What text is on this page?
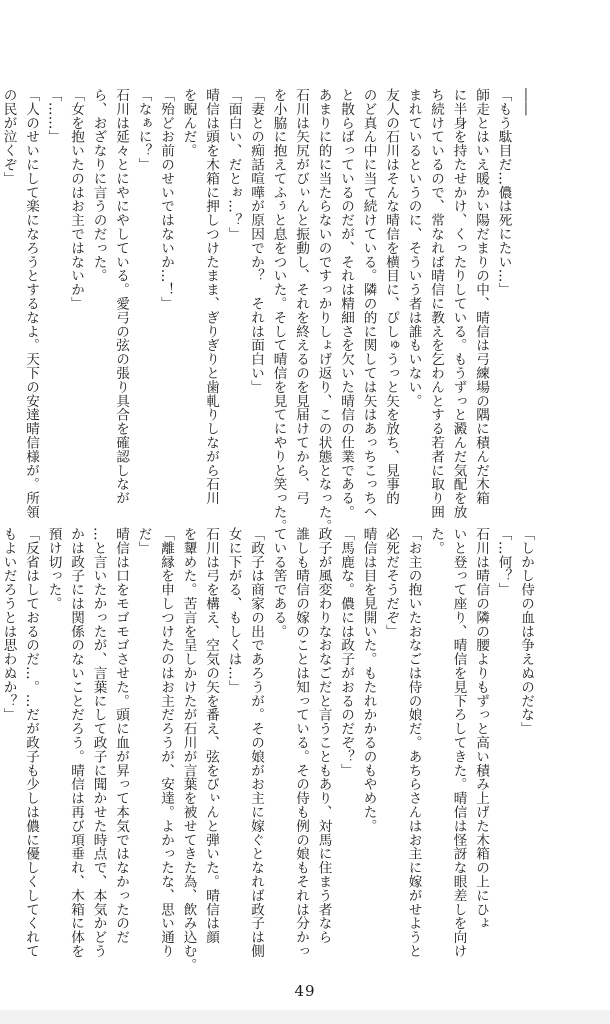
――

「もう駄目だ…儂は死にたい…」

師走とはいえ暖かい陽だまりの中、晴信は弓練場の隅に積んだ木箱

に半身を持たせかけ、くったりしている。もうずっと澱んだ気配を放

ち続けているので、常なれば晴信に教えを乞わんとする若者に取り囲

まれているというのに、そういう者は誰もいない。

友人の石川はそんな晴信を横目に、ぴしゅうっと矢を放ち、見事的

のど真ん中に当て続けている。隣の的に関しては矢はあっちこっちへ

と散らばっているのだが、それは精細さを欠いた晴信の仕業である。

あまりに的に当たらないのですっかりしょげ返り、この状態となった。

石川は矢尻がびぃんと振動し、それを終えるのを見届けてから、弓

を小脇に抱えてふぅと息をついた。そして晴信を見てにやりと笑った。

「妻との痴話喧嘩が原因でか？　それは面白い」

「面白い、だとぉ…？」

晴信は頭を木箱に押しつけたまま、ぎりぎりと歯軋りしながら石川

を睨んだ。

「殆どお前のせいではないか…！」

「なぁに？」

石川は延々とにやにやしている。愛弓の弦の張り具合を確認しなが

ら、おざなりに言うのだった。

「女を抱いたのはお主ではないか」

「……」

「人のせいにして楽になろうとするなよ。天下の安達晴信様が。所領

の民が泣くぞ」

「しかし侍の血は争えぬのだな」

「…何？」

石川は晴信の隣の腰よりもずっと高い積み上げた木箱の上にひょ

いと登って座り、晴信を見下ろしてきた。晴信は怪訝な眼差しを向け

た。

「お主の抱いたおなごは侍の娘だ。あちらさんはお主に嫁がせようと

必死だそうだぞ」

晴信は目を見開いた。もたれかかるのもやめた。

「馬鹿な。儂には政子がおるのだぞ？」

政子が風変わりなおなごだと言うこともあり、対馬に住まう者なら

誰しも晴信の嫁のことは知っている。その侍も例の娘もそれは分かっ

ている筈である。

「政子は商家の出であろうが。その娘がお主に嫁ぐとなれば政子は側

女に下がる、もしくは…」

石川は弓を構え、空気の矢を番え、弦をびぃんと弾いた。晴信は顔

を顰めた。苦言を呈しかけたが石川が言葉を被せてきた為、飲み込む。

「離縁を申しつけたのはお主だろうが、安達。よかったな、思い通り

だ」

晴信は口をモゴモゴさせた。頭に血が昇って本気ではなかったのだ

…と言いたかったが、言葉にして政子に聞かせた時点で、本気かどう

かは政子には関係のないことだろう。晴信は再び項垂れ、木箱に体を

預け切った。

「反省はしておるのだ…。…だが政子も少しは儂に優しくしてくれて

もよいだろうとは思わぬか？」

49
